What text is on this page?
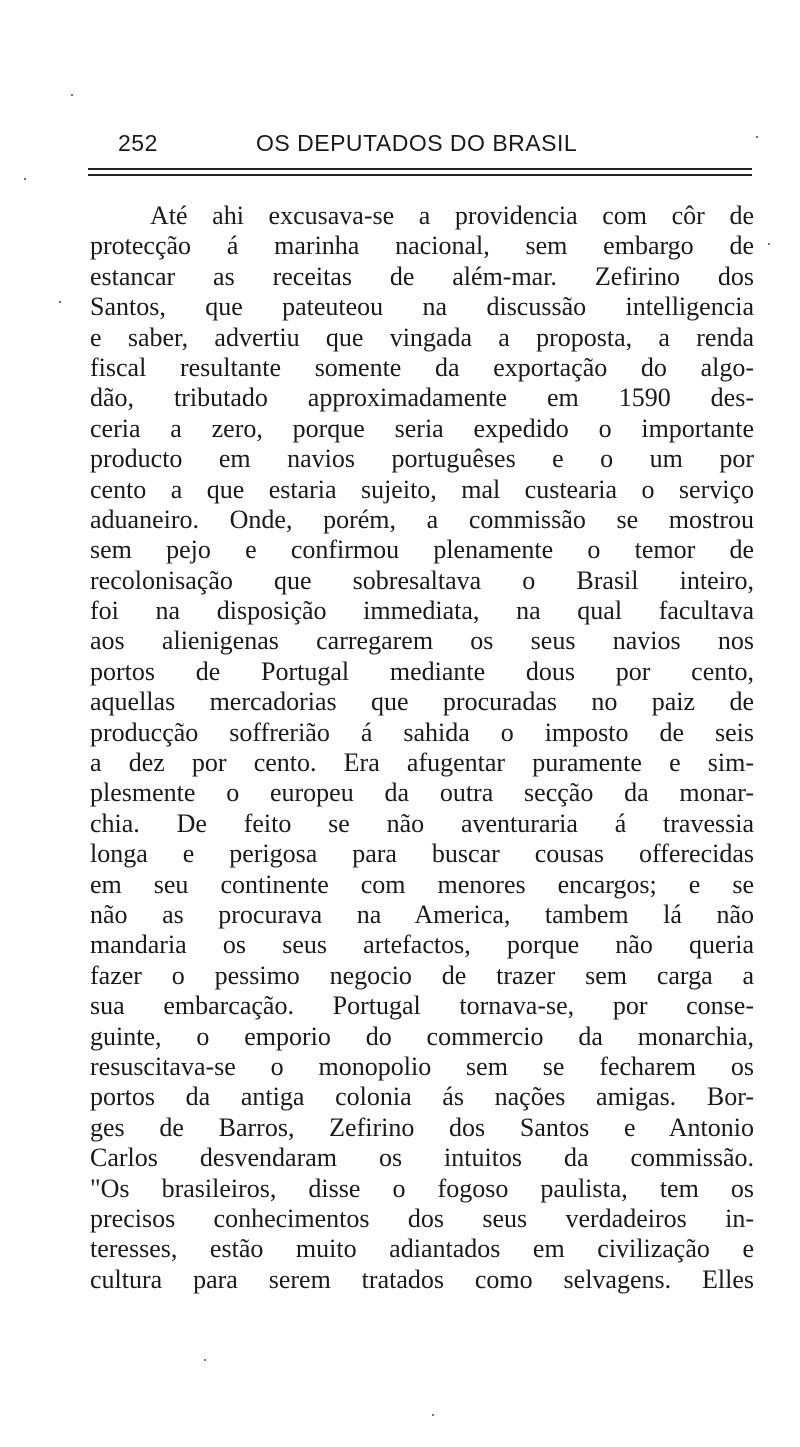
252	OS DEPUTADOS DO BRASIL
Até ahi excusava-se a providencia com côr de
protecção á marinha nacional, sem embargo de
estancar as receitas de além-mar. Zefirino dos
Santos, que pateuteou na discussão intelligencia
e saber, advertiu que vingada a proposta, a renda
fiscal resultante somente da exportação do algo-
dão, tributado approximadamente em 1590 des-
ceria a zero, porque seria expedido o importante
producto em navios portuguêses e o um por
cento a que estaria sujeito, mal custearia o serviço
aduaneiro. Onde, porém, a commissão se mostrou
sem pejo e confirmou plenamente o temor de
recolonisação que sobresaltava o Brasil inteiro,
foi na disposição immediata, na qual facultava
aos alienigenas carregarem os seus navios nos
portos de Portugal mediante dous por cento,
aquellas mercadorias que procuradas no paiz de
producção soffrerião á sahida o imposto de seis
a dez por cento. Era afugentar puramente e sim-
plesmente o europeu da outra secção da monar-
chia. De feito se não aventuraria á travessia
longa e perigosa para buscar cousas offerecidas
em seu continente com menores encargos; e se
não as procurava na America, tambem lá não
mandaria os seus artefactos, porque não queria
fazer o pessimo negocio de trazer sem carga a
sua embarcação. Portugal tornava-se, por conse-
guinte, o emporio do commercio da monarchia,
resuscitava-se o monopolio sem se fecharem os
portos da antiga colonia ás nações amigas. Bor-
ges de Barros, Zefirino dos Santos e Antonio
Carlos desvendaram os intuitos da commissão.
"Os brasileiros, disse o fogoso paulista, tem os
precisos conhecimentos dos seus verdadeiros in-
teresses, estão muito adiantados em civilização e
cultura para serem tratados como selvagens. Elles
